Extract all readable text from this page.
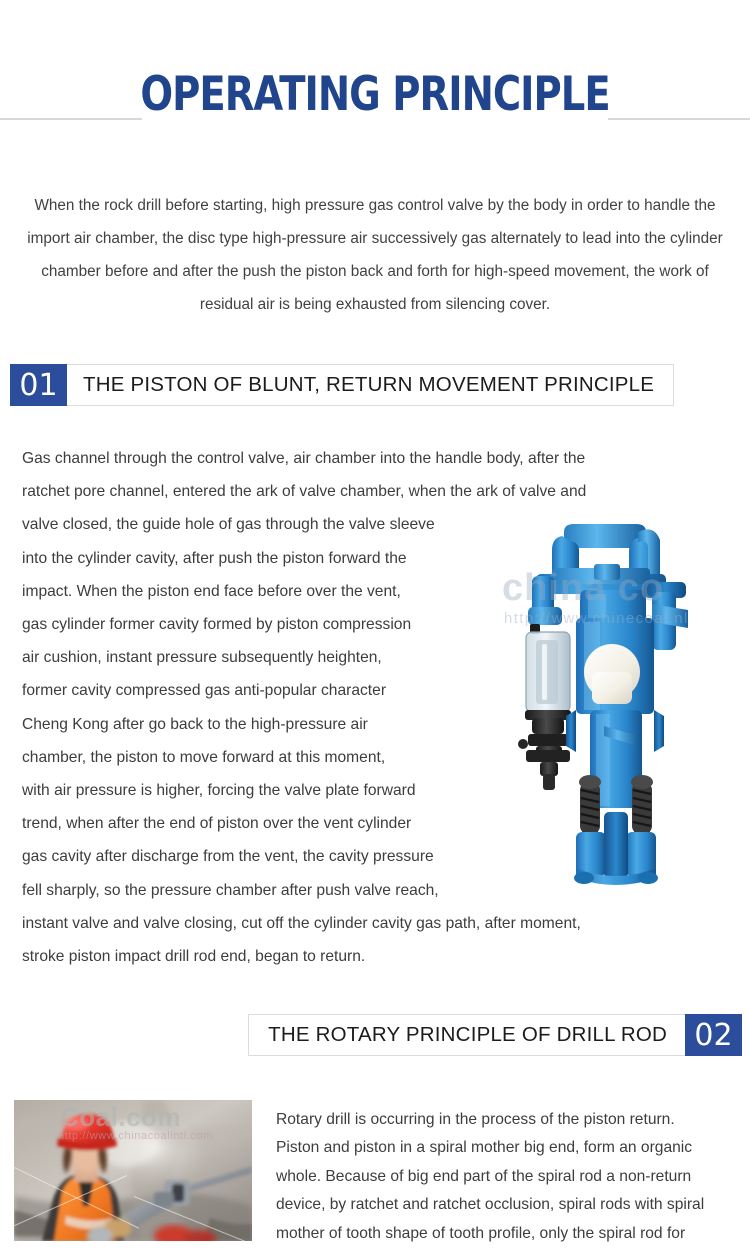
OPERATING PRINCIPLE

When the rock drill before starting, high pressure gas control valve by the body in order to handle the import air chamber, the disc type high-pressure air successively gas alternately to lead into the cylinder chamber before and after the push the piston back and forth for high-speed movement, the work of residual air is being exhausted from silencing cover.

01	THE PISTON OF BLUNT, RETURN MOVEMENT PRINCIPLE
Gas channel through the control valve, air chamber into the handle body, after the
ratchet pore channel, entered the ark of valve chamber, when the ark of valve and
valve closed, the guide hole of gas through the valve sleeve
into the cylinder cavity, after push the piston forward the
impact. When the piston end face before over the vent,
gas cylinder former cavity formed by piston compression
air cushion, instant pressure subsequently heighten,
former cavity compressed gas anti-popular character
Cheng Kong after go back to the high-pressure air
chamber, the piston to move forward at this moment,
with air pressure is higher, forcing the valve plate forward
trend, when after the end of piston over the vent cylinder
gas cavity after discharge from the vent, the cavity pressure
fell sharply, so the pressure chamber after push valve reach,
instant valve and valve closing, cut off the cylinder cavity gas path, after moment,
stroke piston impact drill rod end, began to return.
china co
http://www.chinecoal.nl
THE ROTARY PRINCIPLE OF DRILL ROD 02
Coal.com
http://www.chinacoalintl.com
Rotary drill is occurring in the process of the piston return.
Piston and piston in a spiral mother big end, form an organic
whole. Because of big end part of the spiral rod a non-return
device, by ratchet and ratchet occlusion, spiral rods with spiral
mother of tooth shape of tooth profile, only the spiral rod for
